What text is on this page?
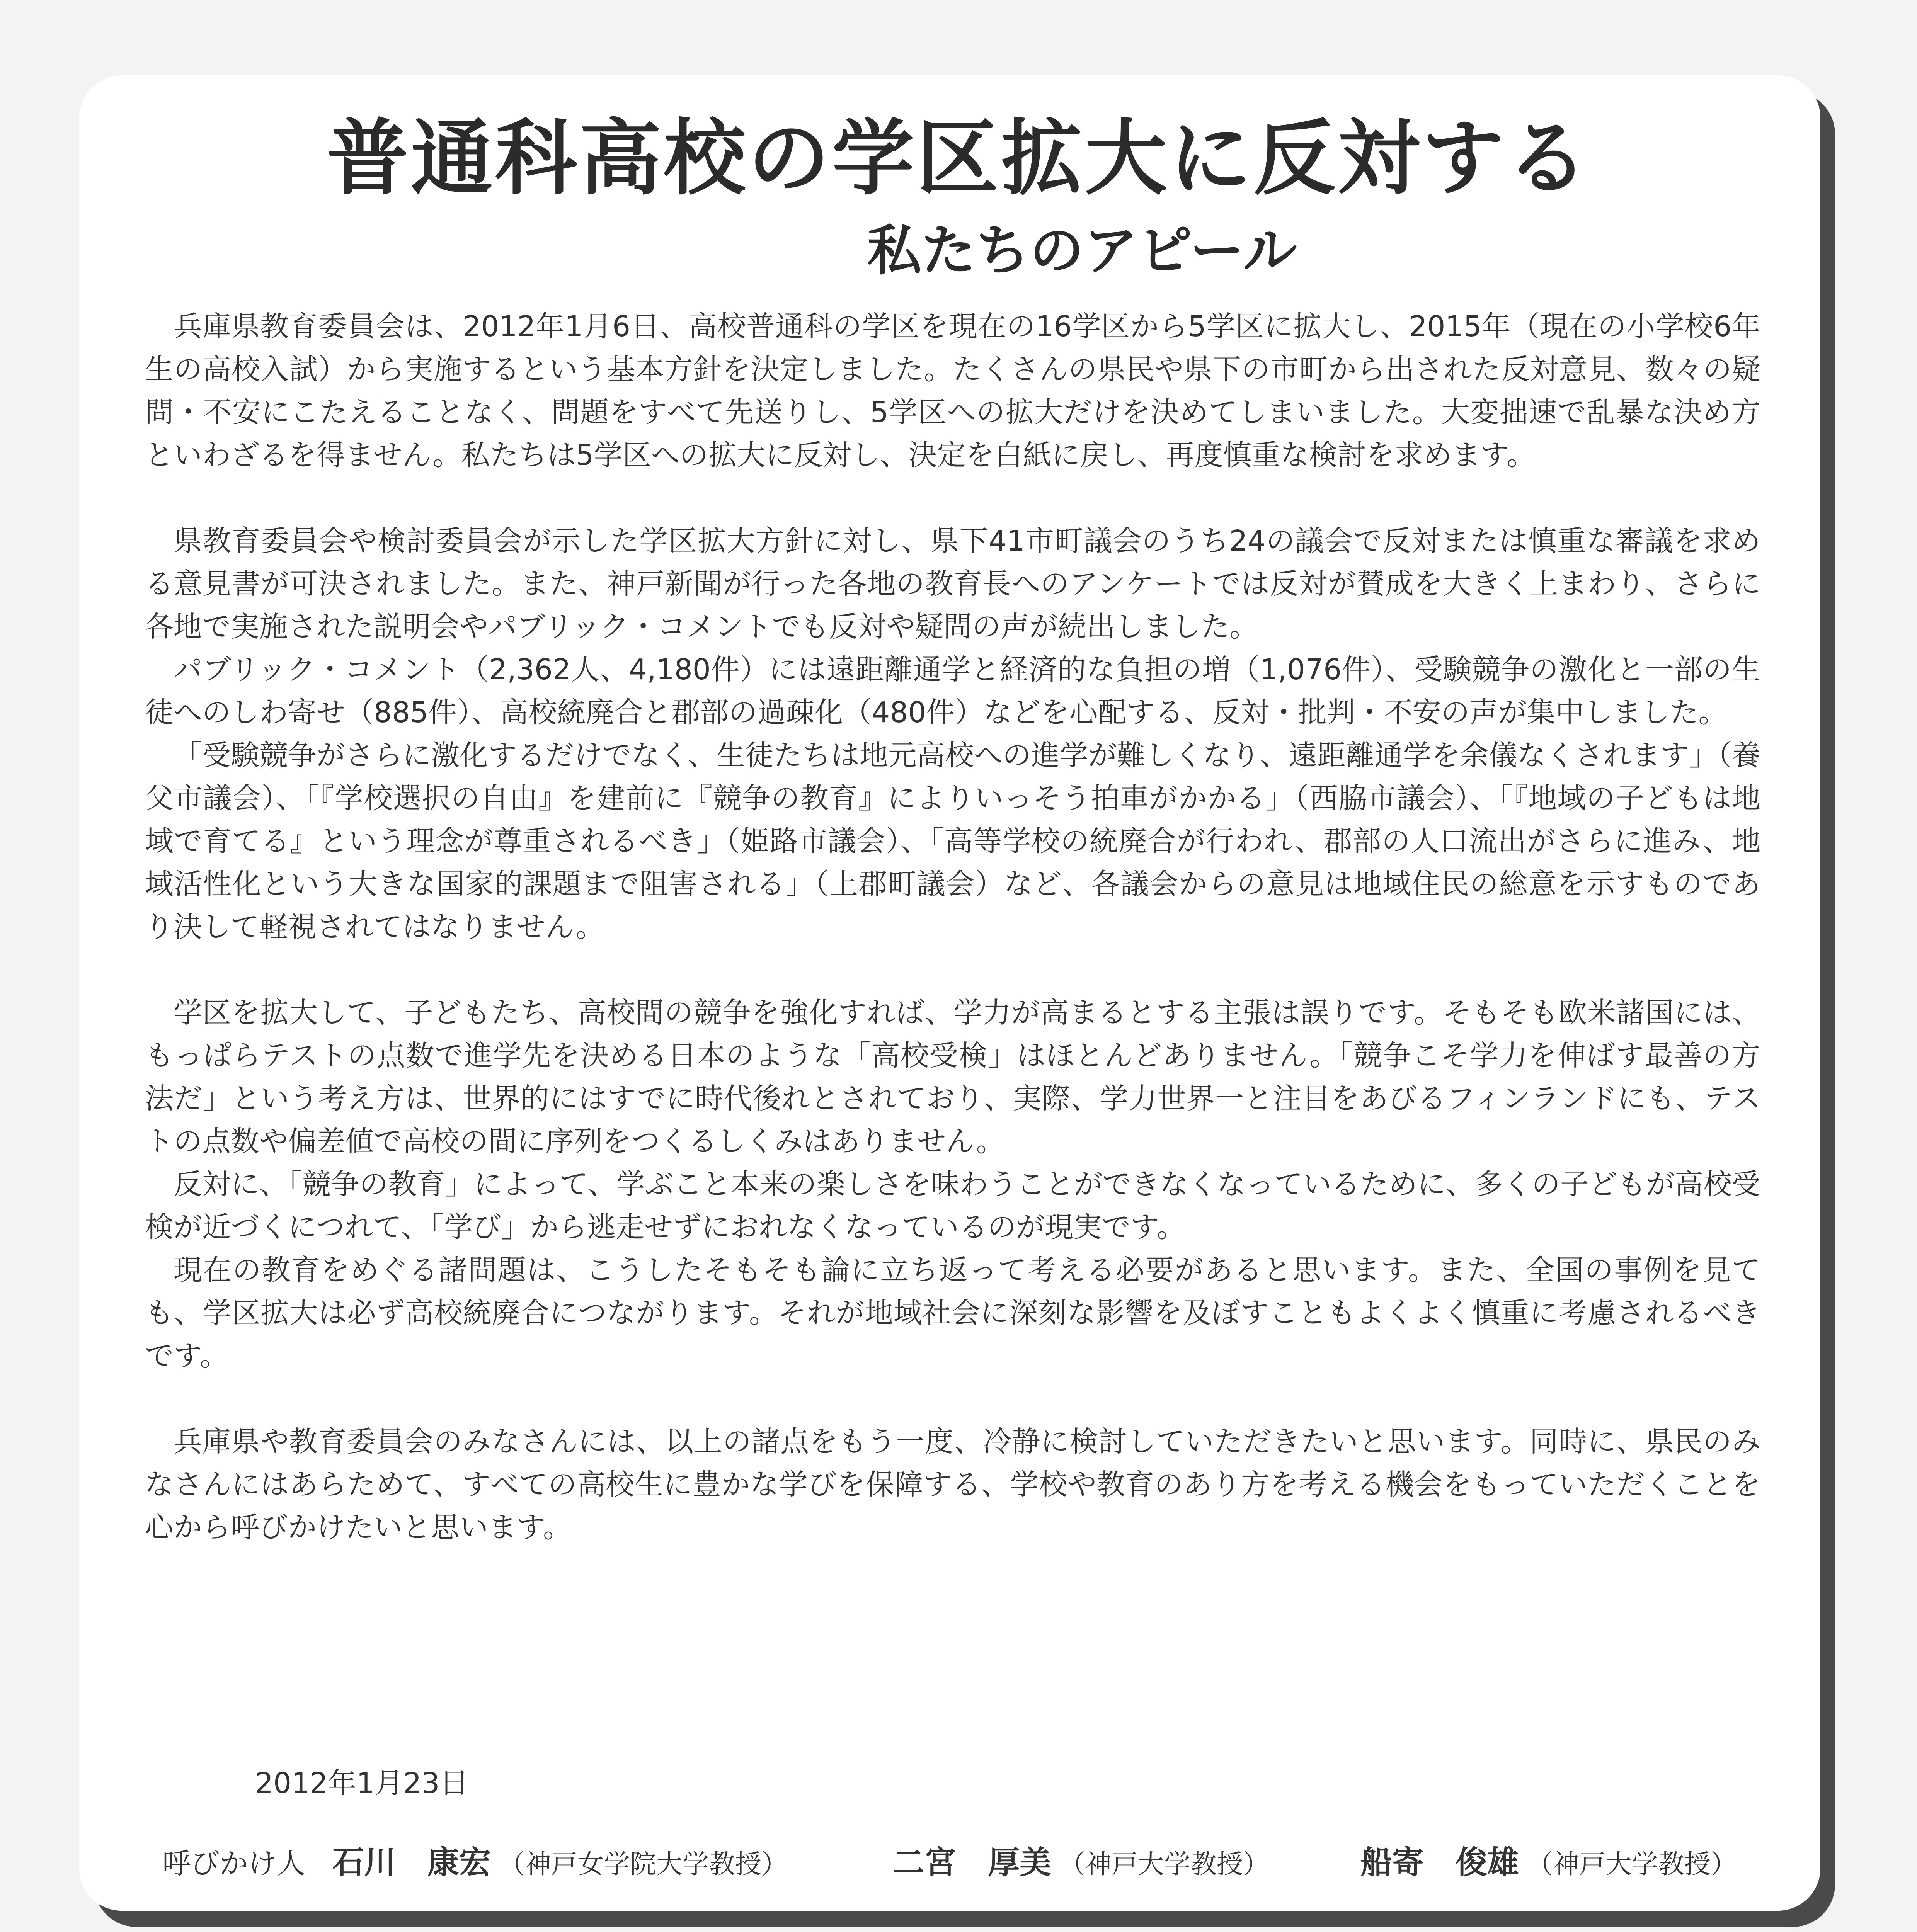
普通科高校の学区拡大に反対する
私たちのアピール

兵庫県教育委員会は、2012年1月6日、高校普通科の学区を現在の16学区から5学区に拡大し、2015年（現在の小学校6年生の高校入試）から実施するという基本方針を決定しました。たくさんの県民や県下の市町から出された反対意見、数々の疑問・不安にこたえることなく、問題をすべて先送りし、5学区への拡大だけを決めてしまいました。大変拙速で乱暴な決め方といわざるを得ません。私たちは5学区への拡大に反対し、決定を白紙に戻し、再度慎重な検討を求めます。

県教育委員会や検討委員会が示した学区拡大方針に対し、県下41市町議会のうち24の議会で反対または慎重な審議を求める意見書が可決されました。また、神戸新聞が行った各地の教育長へのアンケートでは反対が賛成を大きく上まわり、さらに各地で実施された説明会やパブリック・コメントでも反対や疑問の声が続出しました。

パブリック・コメント（2,362人、4,180件）には遠距離通学と経済的な負担の増（1,076件）、受験競争の激化と一部の生徒へのしわ寄せ（885件）、高校統廃合と郡部の過疎化（480件）などを心配する、反対・批判・不安の声が集中しました。

「受験競争がさらに激化するだけでなく、生徒たちは地元高校への進学が難しくなり、遠距離通学を余儀なくされます」（養父市議会）、「『学校選択の自由』を建前に『競争の教育』によりいっそう拍車がかかる」（西脇市議会）、「『地域の子どもは地域で育てる』という理念が尊重されるべき」（姫路市議会）、「高等学校の統廃合が行われ、郡部の人口流出がさらに進み、地域活性化という大きな国家的課題まで阻害される」（上郡町議会）など、各議会からの意見は地域住民の総意を示すものであり決して軽視されてはなりません。

学区を拡大して、子どもたち、高校間の競争を強化すれば、学力が高まるとする主張は誤りです。そもそも欧米諸国には、もっぱらテストの点数で進学先を決める日本のような「高校受検」はほとんどありません。「競争こそ学力を伸ばす最善の方法だ」という考え方は、世界的にはすでに時代後れとされており、実際、学力世界一と注目をあびるフィンランドにも、テストの点数や偏差値で高校の間に序列をつくるしくみはありません。

反対に、「競争の教育」によって、学ぶこと本来の楽しさを味わうことができなくなっているために、多くの子どもが高校受検が近づくにつれて、「学び」から逃走せずにおれなくなっているのが現実です。

現在の教育をめぐる諸問題は、こうしたそもそも論に立ち返って考える必要があると思います。また、全国の事例を見ても、学区拡大は必ず高校統廃合につながります。それが地域社会に深刻な影響を及ぼすこともよくよく慎重に考慮されるべきです。

兵庫県や教育委員会のみなさんには、以上の諸点をもう一度、冷静に検討していただきたいと思います。同時に、県民のみなさんにはあらためて、すべての高校生に豊かな学びを保障する、学校や教育のあり方を考える機会をもっていただくことを心から呼びかけたいと思います。

2012年1月23日

呼びかけ人 石川　康宏 （神戸女学院大学教授）	二宮　厚美 （神戸大学教授）	船寄　俊雄 （神戸大学教授）
